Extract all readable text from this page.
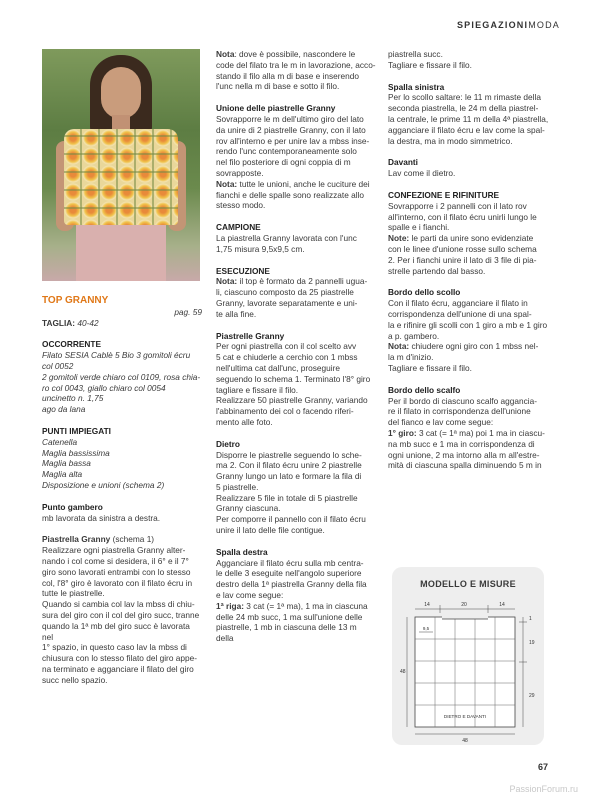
SPIEGAZIONIMODA

TOP GRANNY

pag. 59

TAGLIA: 40-42

OCCORRENTE

Filato SESIA Cablè 5 Bio 3 gomitoli écru
col 0052
2 gomitoli verde chiaro col 0109, rosa chia-
ro col 0043, giallo chiaro col 0054
uncinetto n. 1,75
ago da lana

PUNTI IMPIEGATI

Catenella
Maglia bassissima
Maglia bassa
Maglia alta
Disposizione e unioni (schema 2)

Punto gambero

mb lavorata da sinistra a destra.

Piastrella Granny (schema 1)

Realizzare ogni piastrella Granny alter-
nando i col come si desidera, il 6° e il 7°
giro sono lavorati entrambi con lo stesso
col, l'8° giro è lavorato con il filato écru in
tutte le piastrelle.
Quando si cambia col lav la mbss di chiu-
sura del giro con il col del giro succ, tranne
quando la 1ª mb del giro succ è lavorata nel
1° spazio, in questo caso lav la mbss di
chiusura con lo stesso filato del giro appe-
na terminato e agganciare il filato del giro
succ nello spazio.
Nota: dove è possibile, nascondere le
code del filato tra le m in lavorazione, acco-
stando il filo alla m di base e inserendo
l'unc nella m di base e sotto il filo.

Unione delle piastrelle Granny

Sovrapporre le m dell'ultimo giro del lato
da unire di 2 piastrelle Granny, con il lato
rov all'interno e per unire lav a mbss inse-
rendo l'unc contemporaneamente solo
nel filo posteriore di ogni coppia di m
sovrapposte.
Nota: tutte le unioni, anche le cuciture dei
fianchi e delle spalle sono realizzate allo
stesso modo.

CAMPIONE

La piastrella Granny lavorata con l'unc
1,75 misura 9,5x9,5 cm.

ESECUZIONE

Nota: il top è formato da 2 pannelli ugua-
li, ciascuno composto da 25 piastrelle
Granny, lavorate separatamente e uni-
te alla fine.

Piastrelle Granny

Per ogni piastrella con il col scelto avv
5 cat e chiuderle a cerchio con 1 mbss
nell'ultima cat dall'unc, proseguire
seguendo lo schema 1. Terminato l'8° giro
tagliare e fissare il filo.
Realizzare 50 piastrelle Granny, variando
l'abbinamento dei col o facendo riferi-
mento alle foto.

Dietro

Disporre le piastrelle seguendo lo sche-
ma 2. Con il filato écru unire 2 piastrelle
Granny lungo un lato e formare la fila di
5 piastrelle.
Realizzare 5 file in totale di 5 piastrelle
Granny ciascuna.
Per comporre il pannello con il filato écru
unire il lato delle file contigue.

Spalla destra

Agganciare il filato écru sulla mb centra-
le delle 3 eseguite nell'angolo superiore
destro della 1ª piastrella Granny della fila
e lav come segue:
1ª riga: 3 cat (= 1ª ma), 1 ma in ciascuna
delle 24 mb succ, 1 ma sull'unione delle
piastrelle, 1 mb in ciascuna delle 13 m della
piastrella succ.
Tagliare e fissare il filo.

Spalla sinistra

Per lo scollo saltare: le 11 m rimaste della
seconda piastrella, le 24 m della piastrel-
la centrale, le prime 11 m della 4ª piastrella,
agganciare il filato écru e lav come la spal-
la destra, ma in modo simmetrico.

Davanti

Lav come il dietro.

CONFEZIONE E RIFINITURE

Sovrapporre i 2 pannelli con il lato rov
all'interno, con il filato écru unirli lungo le
spalle e i fianchi.
Note: le parti da unire sono evidenziate
con le linee d'unione rosse sullo schema
2. Per i fianchi unire il lato di 3 file di pia-
strelle partendo dal basso.

Bordo dello scollo

Con il filato écru, agganciare il filato in
corrispondenza dell'unione di una spal-
la e rifinire gli scolli con 1 giro a mb e 1 giro
a p. gambero.
Nota: chiudere ogni giro con 1 mbss nel-
la m d'inizio.
Tagliare e fissare il filo.

Bordo dello scalfo

Per il bordo di ciascuno scalfo aggancia-
re il filato in corrispondenza dell'unione
del fianco e lav come segue:
1° giro: 3 cat (= 1ª ma) poi 1 ma in ciascu-
na mb succ e 1 ma in corrispondenza di
ogni unione, 2 ma intorno alla m all'estre-
mità di ciascuna spalla diminuendo 5 m in
MODELLO E MISURE
14	20	14
1
19
29
48
48
9,5
DIETRO E DAVANTI
67
PassionForum.ru
